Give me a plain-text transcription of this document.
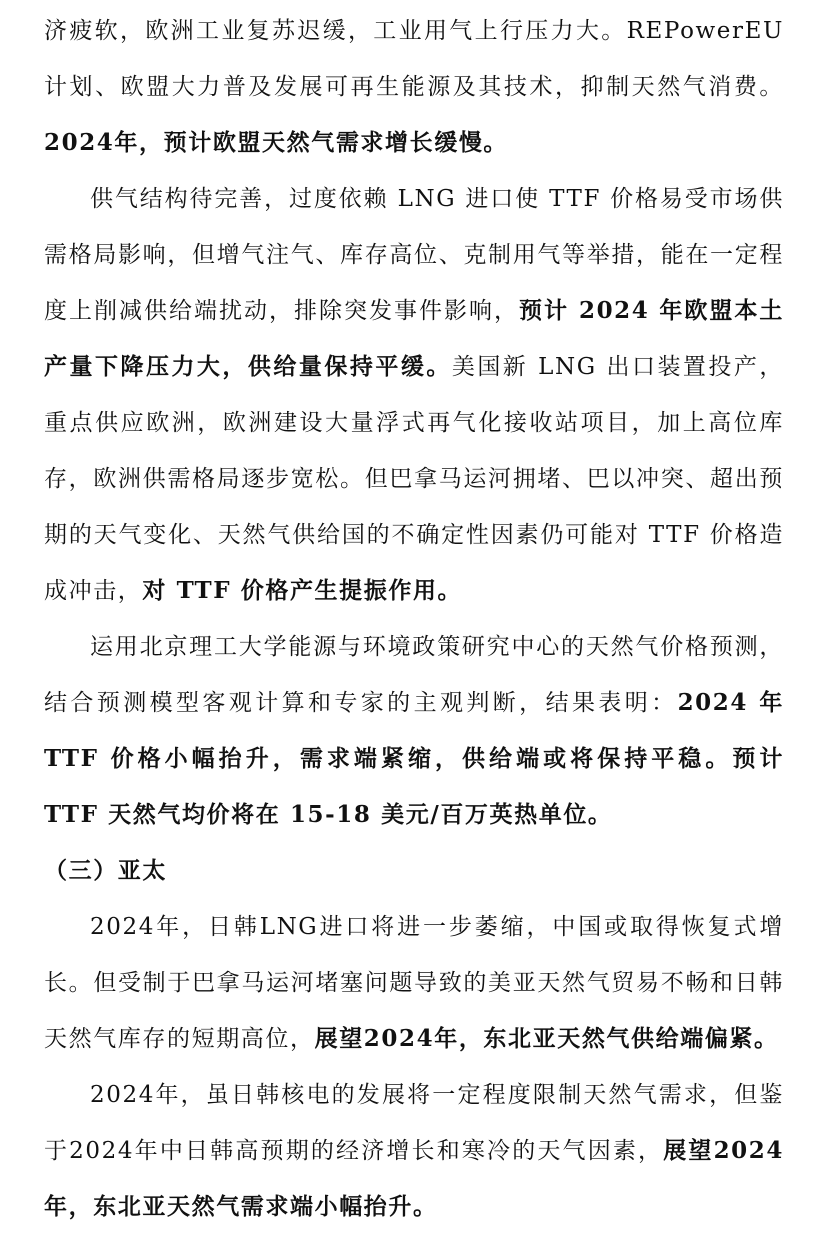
济疲软，欧洲工业复苏迟缓，工业用气上行压力大。REPowerEU 计划、欧盟大力普及发展可再生能源及其技术，抑制天然气消费。2024年，预计欧盟天然气需求增长缓慢。

供气结构待完善，过度依赖 LNG 进口使 TTF 价格易受市场供需格局影响，但增气注气、库存高位、克制用气等举措，能在一定程度上削减供给端扰动，排除突发事件影响，预计 2024 年欧盟本土产量下降压力大，供给量保持平缓。美国新 LNG 出口装置投产，重点供应欧洲，欧洲建设大量浮式再气化接收站项目，加上高位库存，欧洲供需格局逐步宽松。但巴拿马运河拥堵、巴以冲突、超出预期的天气变化、天然气供给国的不确定性因素仍可能对 TTF 价格造成冲击，对 TTF 价格产生提振作用。

运用北京理工大学能源与环境政策研究中心的天然气价格预测，结合预测模型客观计算和专家的主观判断，结果表明：2024 年 TTF 价格小幅抬升，需求端紧缩，供给端或将保持平稳。预计 TTF 天然气均价将在 15-18 美元/百万英热单位。

（三）亚太

2024年，日韩LNG进口将进一步萎缩，中国或取得恢复式增长。但受制于巴拿马运河堵塞问题导致的美亚天然气贸易不畅和日韩天然气库存的短期高位，展望2024年，东北亚天然气供给端偏紧。

2024年，虽日韩核电的发展将一定程度限制天然气需求，但鉴于2024年中日韩高预期的经济增长和寒冷的天气因素，展望2024年，东北亚天然气需求端小幅抬升。
